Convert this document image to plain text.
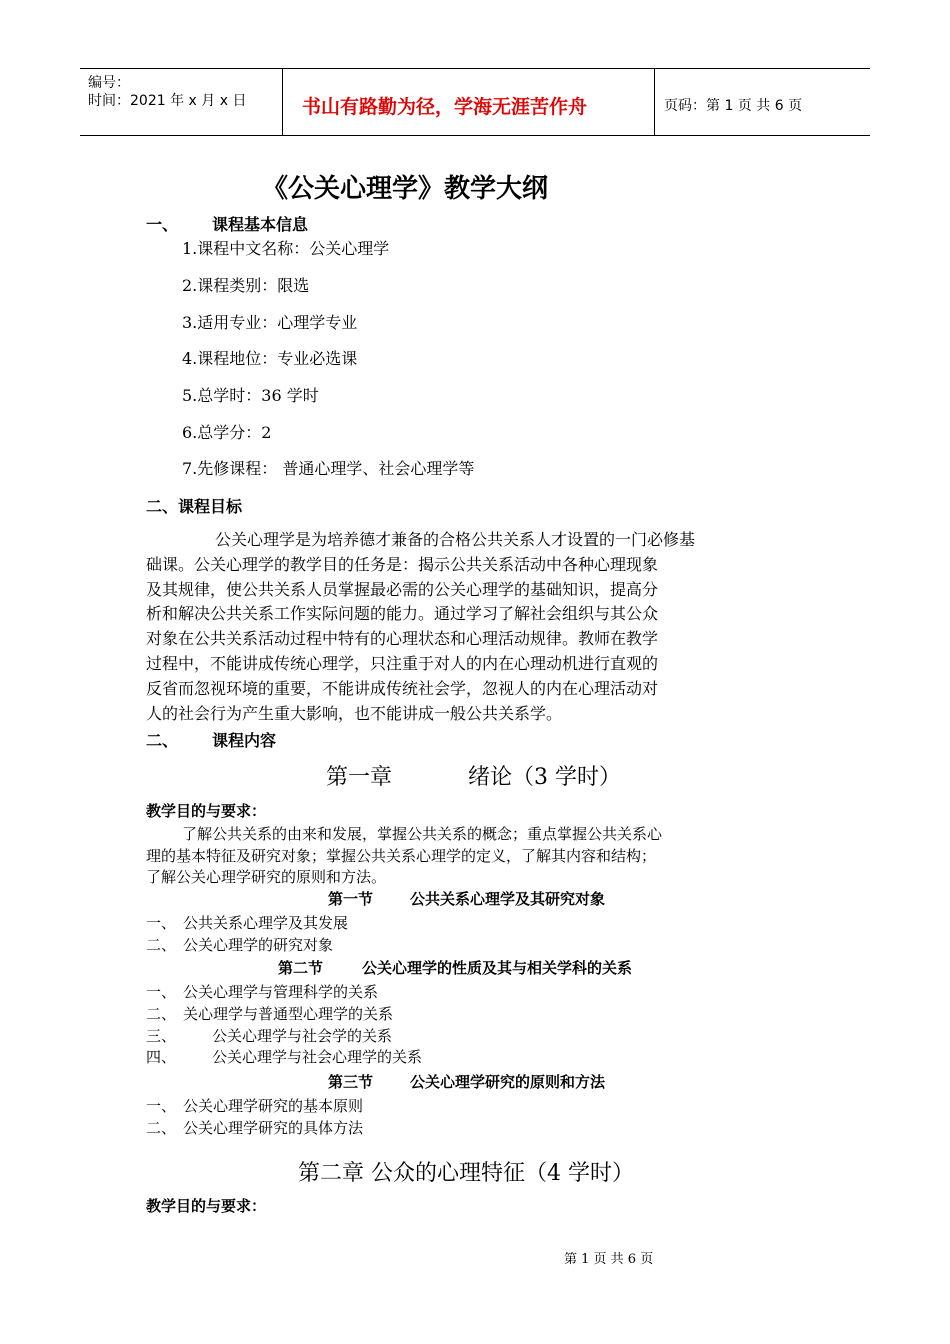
编号：
时间：2021 年 x 月 x 日	书山有路勤为径，学海无涯苦作舟	页码：第 1 页 共 6 页
《公关心理学》教学大纲
一、 课程基本信息
1.课程中文名称：公关心理学
2.课程类别：限选
3.适用专业：心理学专业
4.课程地位：专业必选课
5.总学时：36 学时
6.总学分：2
7.先修课程： 普通心理学、社会心理学等
二、课程目标
公关心理学是为培养德才兼备的合格公共关系人才设置的一门必修基
础课。公关心理学的教学目的任务是：揭示公共关系活动中各种心理现象
及其规律，使公共关系人员掌握最必需的公关心理学的基础知识，提高分
析和解决公共关系工作实际问题的能力。通过学习了解社会组织与其公众
对象在公共关系活动过程中特有的心理状态和心理活动规律。教师在教学
过程中，不能讲成传统心理学，只注重于对人的内在心理动机进行直观的
反省而忽视环境的重要，不能讲成传统社会学，忽视人的内在心理活动对
人的社会行为产生重大影响，也不能讲成一般公共关系学。
二、 课程内容
第一章	绪论（3 学时）
教学目的与要求：
了解公共关系的由来和发展，掌握公共关系的概念；重点掌握公共关系心
理的基本特征及研究对象；掌握公共关系心理学的定义，了解其内容和结构；
了解公关心理学研究的原则和方法。
第一节 公共关系心理学及其研究对象
一、 公共关系心理学及其发展
二、 公关心理学的研究对象
第二节	公关心理学的性质及其与相关学科的关系
一、 公关心理学与管理科学的关系
二、 关心理学与普通型心理学的关系
三、 公关心理学与社会学的关系
四、 公关心理学与社会心理学的关系
第三节 公关心理学研究的原则和方法
一、 公关心理学研究的基本原则
二、 公关心理学研究的具体方法
第二章 公众的心理特征（4 学时）
教学目的与要求：
第 1 页 共 6 页
